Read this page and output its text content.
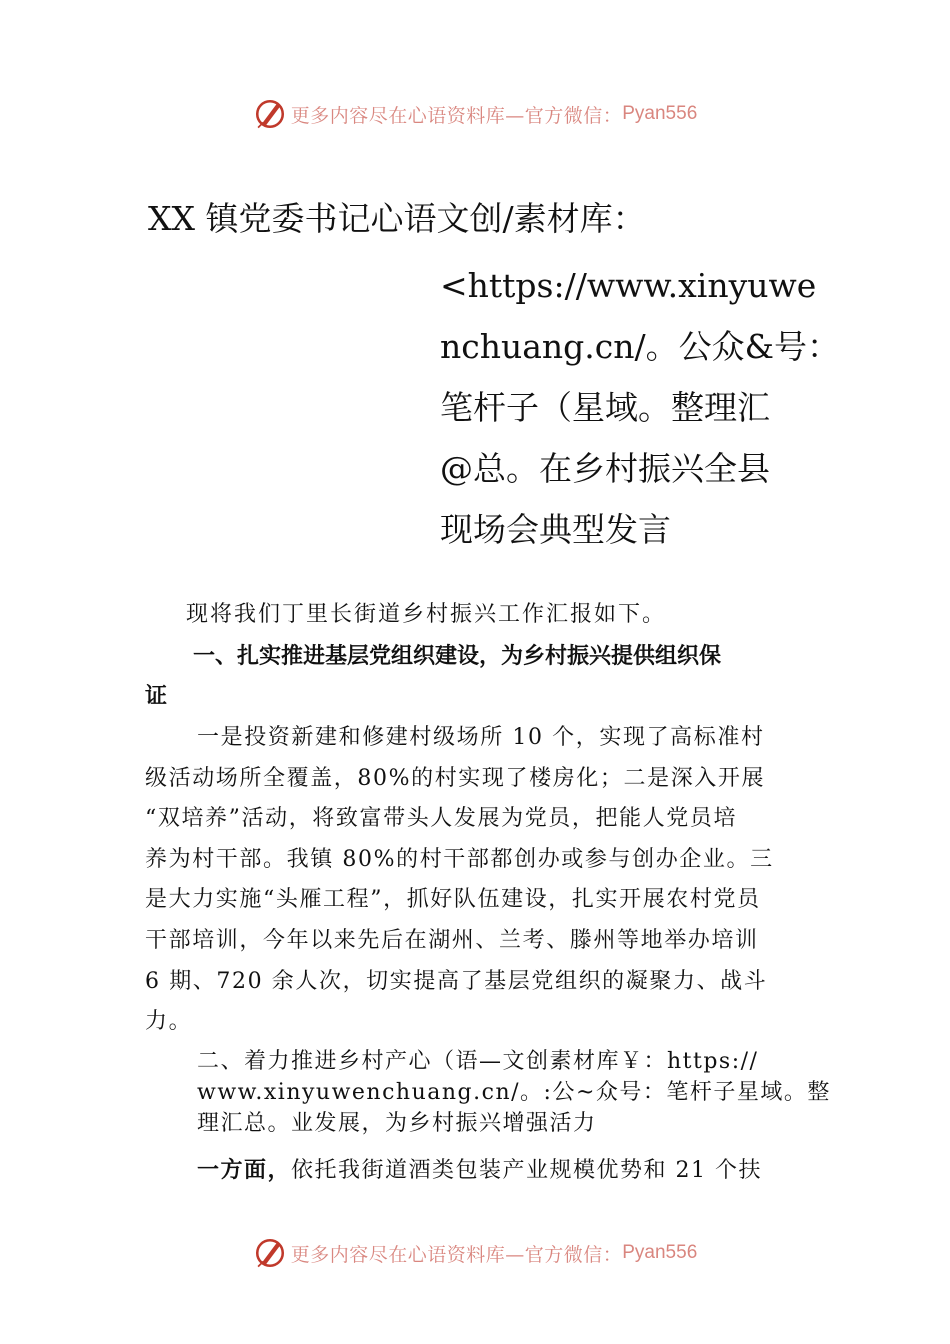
更多内容尽在心语资料库—官方微信： Pyan556
XX 镇党委书记心语文创/素材库：
<https://www.xinyuwe
nchuang.cn/。公众&号：
笔杆子（星域。整理汇
@总。在乡村振兴全县
现场会典型发言
现将我们丁里长街道乡村振兴工作汇报如下。
一、扎实推进基层党组织建设，为乡村振兴提供组织保
证
一是投资新建和修建村级场所 10 个，实现了高标准村
级活动场所全覆盖，80%的村实现了楼房化；二是深入开展
“双培养”活动，将致富带头人发展为党员，把能人党员培
养为村干部。我镇 80%的村干部都创办或参与创办企业。三
是大力实施“头雁工程”，抓好队伍建设，扎实开展农村党员
干部培训，今年以来先后在湖州、兰考、滕州等地举办培训
6 期、720 余人次，切实提高了基层党组织的凝聚力、战斗
力。
二、着力推进乡村产心（语—文创素材库￥：https://
www.xinyuwenchuang.cn/。:公~众号：笔杆子星域。整
理汇总。业发展，为乡村振兴增强活力
一方面，依托我街道酒类包装产业规模优势和 21 个扶
更多内容尽在心语资料库—官方微信： Pyan556
